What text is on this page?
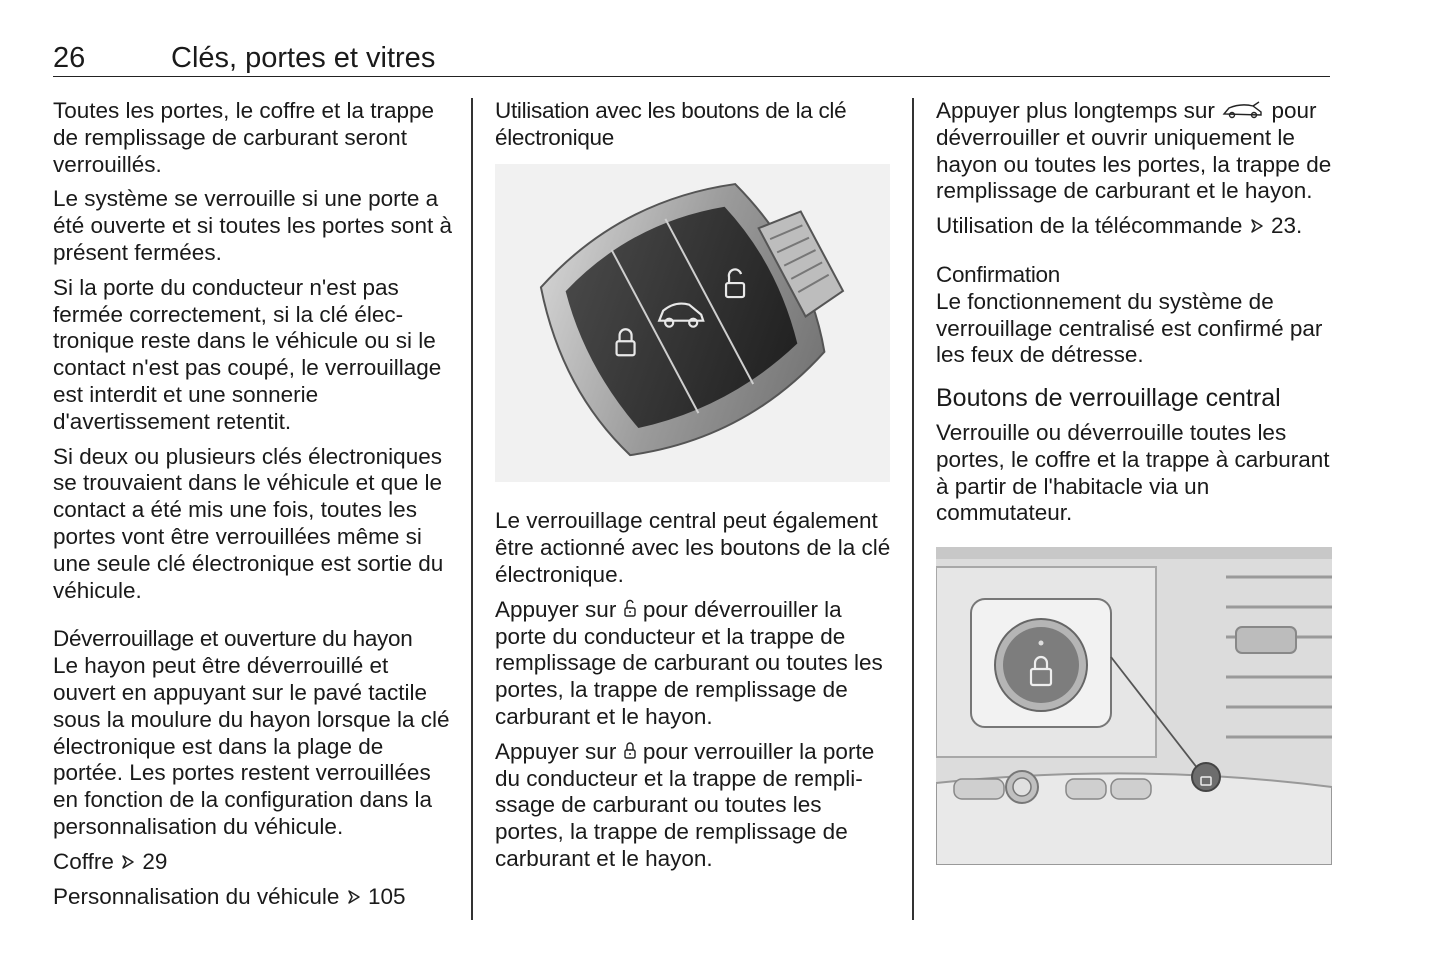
26	Clés, portes et vitres

Toutes les portes, le coffre et la trappe de remplissage de carburant seront verrouillés.

Le système se verrouille si une porte a été ouverte et si toutes les portes sont à présent fermées.

Si la porte du conducteur n'est pas fermée correctement, si la clé électronique reste dans le véhicule ou si le contact n'est pas coupé, le verrouillage est interdit et une sonnerie d'avertissement retentit.

Si deux ou plusieurs clés électroniques se trouvaient dans le véhicule et que le contact a été mis une fois, toutes les portes vont être verrouillées même si une seule clé électronique est sortie du véhicule.

Déverrouillage et ouverture du hayon

Le hayon peut être déverrouillé et ouvert en appuyant sur le pavé tactile sous la moulure du hayon lorsque la clé électronique est dans la plage de portée. Les portes restent verrouillées en fonction de la configuration dans la personnalisation du véhicule.

Coffre 29

Personnalisation du véhicule 105

Utilisation avec les boutons de la clé électronique

Le verrouillage central peut également être actionné avec les boutons de la clé électronique.

Appuyer sur pour déverrouiller la porte du conducteur et la trappe de remplissage de carburant ou toutes les portes, la trappe de remplissage de carburant et le hayon.

Appuyer sur pour verrouiller la porte du conducteur et la trappe de remplissage de carburant ou toutes les portes, la trappe de remplissage de carburant et le hayon.

Appuyer plus longtemps sur	pour déverrouiller et ouvrir uniquement le hayon ou toutes les portes, la trappe de remplissage de carburant et le hayon.

Utilisation de la télécommande 23.

Confirmation

Le fonctionnement du système de verrouillage centralisé est confirmé par les feux de détresse.

Boutons de verrouillage central

Verrouille ou déverrouille toutes les portes, le coffre et la trappe à carburant à partir de l'habitacle via un commutateur.
